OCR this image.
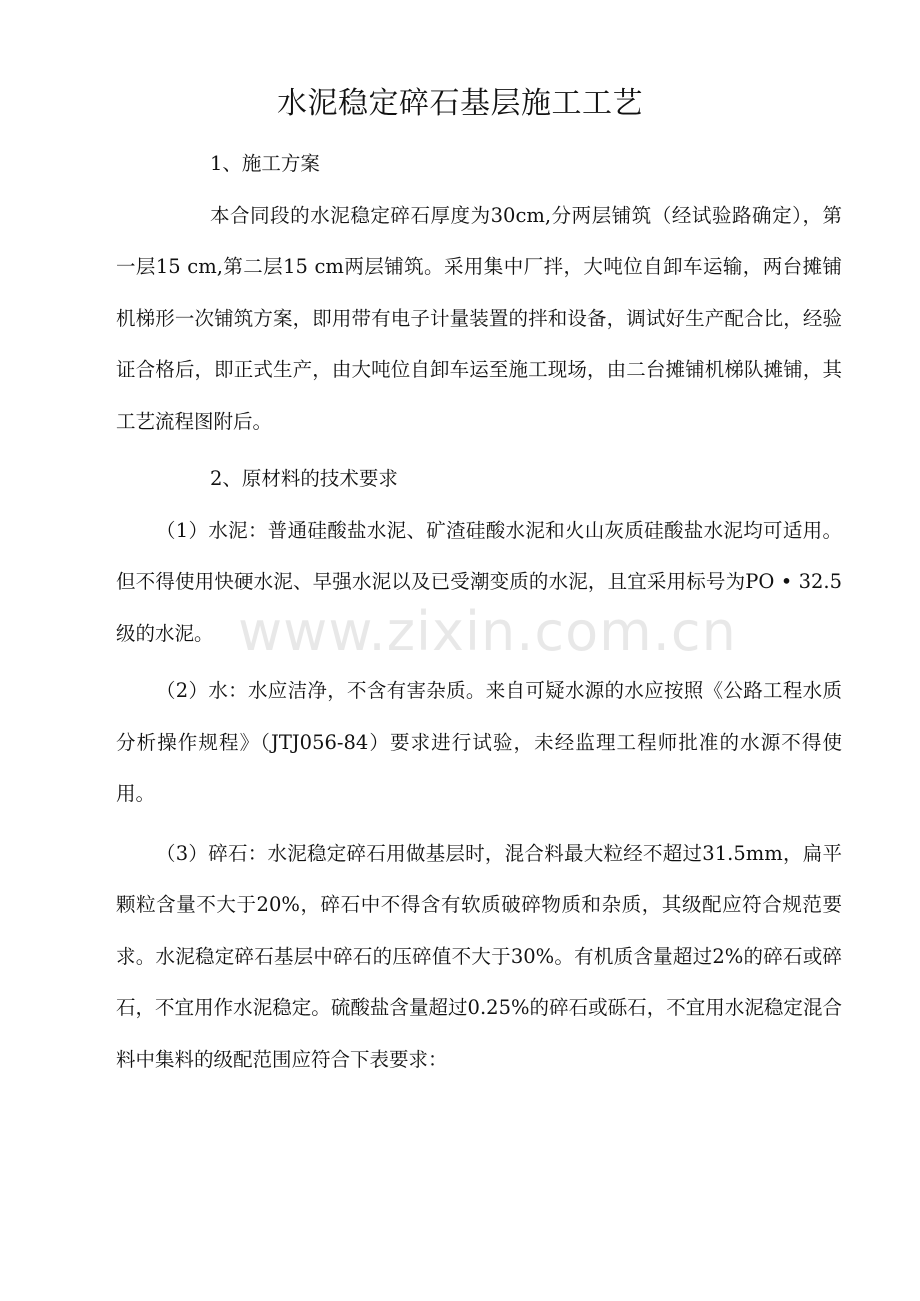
水泥稳定碎石基层施工工艺

1、施工方案

本合同段的水泥稳定碎石厚度为30cm,分两层铺筑（经试验路确定），第一层15 cm,第二层15 cm两层铺筑。采用集中厂拌，大吨位自卸车运输，两台摊铺机梯形一次铺筑方案，即用带有电子计量装置的拌和设备，调试好生产配合比，经验证合格后，即正式生产，由大吨位自卸车运至施工现场，由二台摊铺机梯队摊铺，其工艺流程图附后。

2、原材料的技术要求

（1）水泥：普通硅酸盐水泥、矿渣硅酸水泥和火山灰质硅酸盐水泥均可适用。但不得使用快硬水泥、早强水泥以及已受潮变质的水泥，且宜采用标号为PO • 32.5级的水泥。

（2）水：水应洁净，不含有害杂质。来自可疑水源的水应按照《公路工程水质分析操作规程》（JTJ056-84）要求进行试验，未经监理工程师批准的水源不得使用。

（3）碎石：水泥稳定碎石用做基层时，混合料最大粒经不超过31.5mm，扁平颗粒含量不大于20%，碎石中不得含有软质破碎物质和杂质，其级配应符合规范要求。水泥稳定碎石基层中碎石的压碎值不大于30%。有机质含量超过2%的碎石或碎石，不宜用作水泥稳定。硫酸盐含量超过0.25%的碎石或砾石，不宜用水泥稳定混合料中集料的级配范围应符合下表要求：

www.zixin.com.cn
